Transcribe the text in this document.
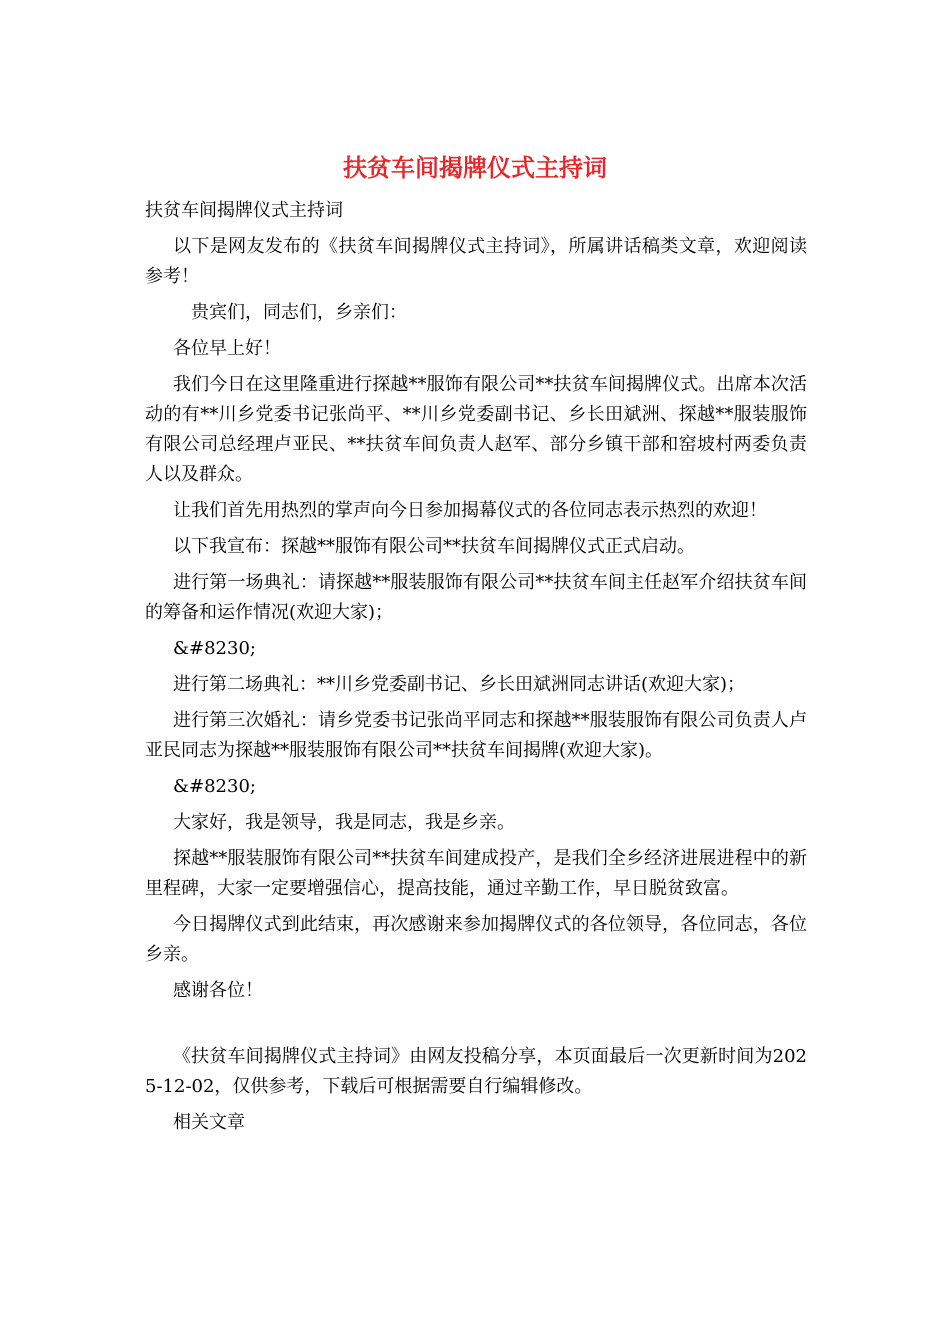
扶贫车间揭牌仪式主持词

扶贫车间揭牌仪式主持词

以下是网友发布的《扶贫车间揭牌仪式主持词》，所属讲话稿类文章，欢迎阅读参考！

贵宾们，同志们，乡亲们：

各位早上好！

我们今日在这里隆重进行探越**服饰有限公司**扶贫车间揭牌仪式。出席本次活动的有**川乡党委书记张尚平、**川乡党委副书记、乡长田斌洲、探越**服装服饰有限公司总经理卢亚民、**扶贫车间负责人赵军、部分乡镇干部和窑坡村两委负责人以及群众。

让我们首先用热烈的掌声向今日参加揭幕仪式的各位同志表示热烈的欢迎！

以下我宣布：探越**服饰有限公司**扶贫车间揭牌仪式正式启动。

进行第一场典礼：请探越**服装服饰有限公司**扶贫车间主任赵军介绍扶贫车间的筹备和运作情况(欢迎大家)；

&#8230;

进行第二场典礼：**川乡党委副书记、乡长田斌洲同志讲话(欢迎大家)；

进行第三次婚礼：请乡党委书记张尚平同志和探越**服装服饰有限公司负责人卢亚民同志为探越**服装服饰有限公司**扶贫车间揭牌(欢迎大家)。

&#8230;

大家好，我是领导，我是同志，我是乡亲。

探越**服装服饰有限公司**扶贫车间建成投产，是我们全乡经济进展进程中的新里程碑，大家一定要增强信心，提高技能，通过辛勤工作，早日脱贫致富。

今日揭牌仪式到此结束，再次感谢来参加揭牌仪式的各位领导，各位同志，各位乡亲。

感谢各位！

《扶贫车间揭牌仪式主持词》由网友投稿分享，本页面最后一次更新时间为2025-12-02，仅供参考，下载后可根据需要自行编辑修改。

相关文章
